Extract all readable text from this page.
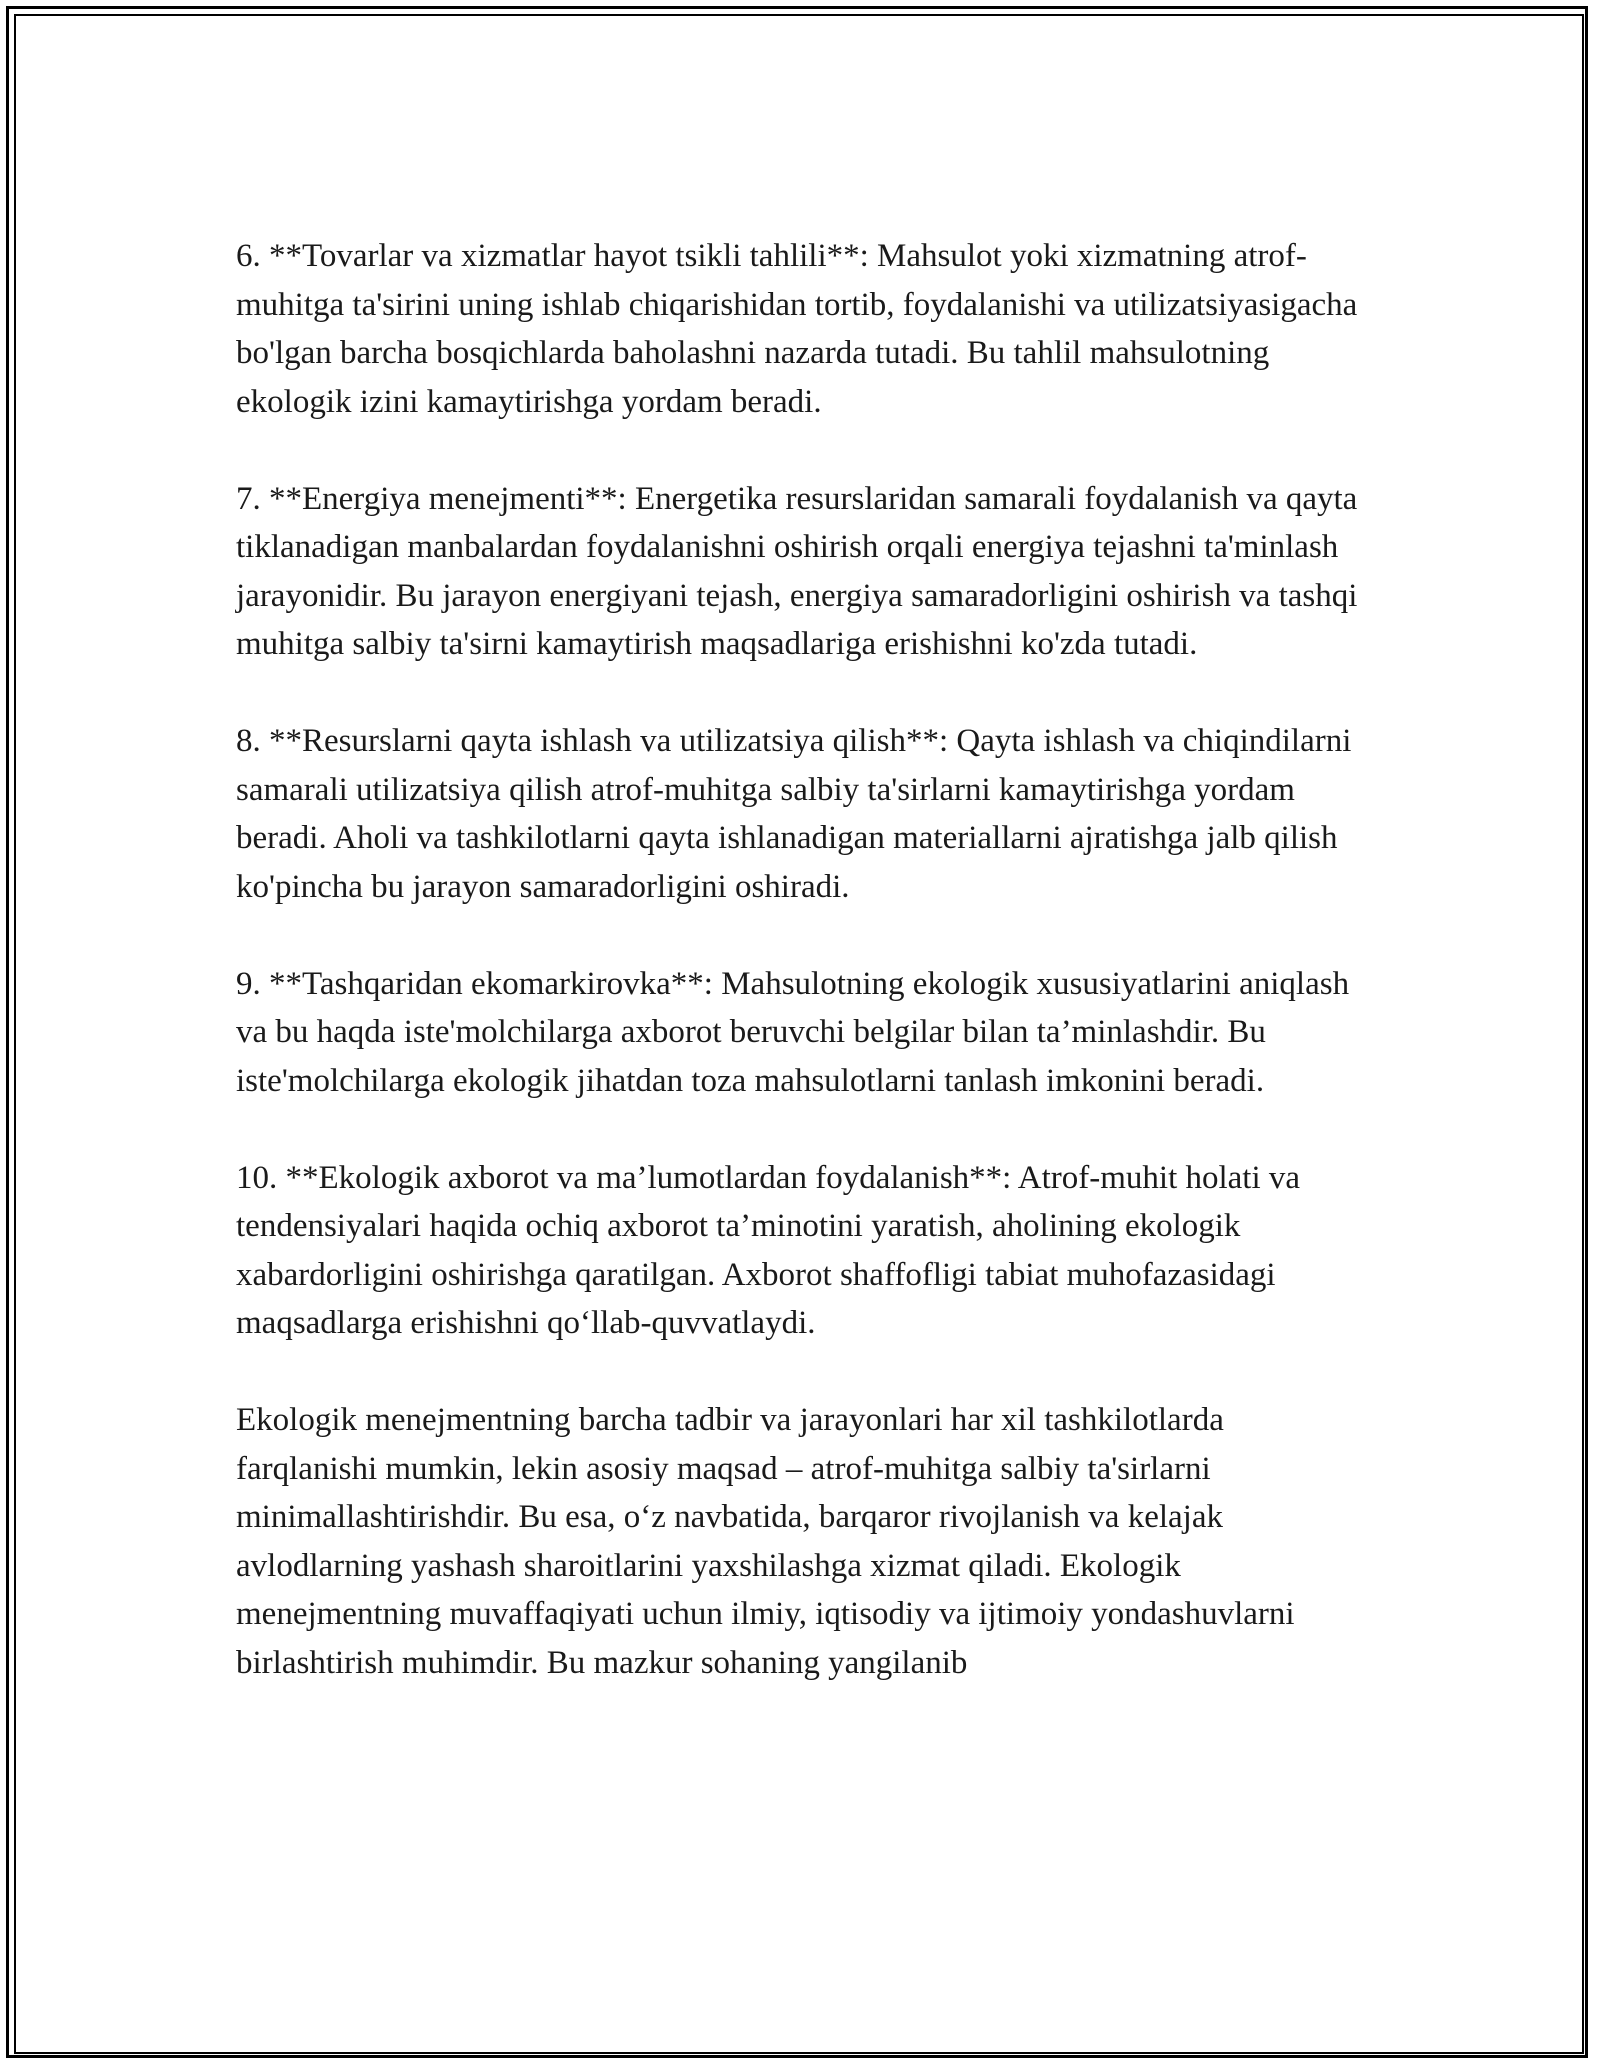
6. **Tovarlar va xizmatlar hayot tsikli tahlili**: Mahsulot yoki xizmatning atrof-muhitga ta'sirini uning ishlab chiqarishidan tortib, foydalanishi va utilizatsiyasigacha bo'lgan barcha bosqichlarda baholashni nazarda tutadi. Bu tahlil mahsulotning ekologik izini kamaytirishga yordam beradi.

7. **Energiya menejmenti**: Energetika resurslaridan samarali foydalanish va qayta tiklanadigan manbalardan foydalanishni oshirish orqali energiya tejashni ta'minlash jarayonidir. Bu jarayon energiyani tejash, energiya samaradorligini oshirish va tashqi muhitga salbiy ta'sirni kamaytirish maqsadlariga erishishni ko'zda tutadi.

8. **Resurslarni qayta ishlash va utilizatsiya qilish**: Qayta ishlash va chiqindilarni samarali utilizatsiya qilish atrof-muhitga salbiy ta'sirlarni kamaytirishga yordam beradi. Aholi va tashkilotlarni qayta ishlanadigan materiallarni ajratishga jalb qilish ko'pincha bu jarayon samaradorligini oshiradi.

9. **Tashqaridan ekomarkirovka**: Mahsulotning ekologik xususiyatlarini aniqlash va bu haqda iste'molchilarga axborot beruvchi belgilar bilan ta’minlashdir. Bu iste'molchilarga ekologik jihatdan toza mahsulotlarni tanlash imkonini beradi.

10. **Ekologik axborot va ma’lumotlardan foydalanish**: Atrof-muhit holati va tendensiyalari haqida ochiq axborot ta’minotini yaratish, aholining ekologik xabardorligini oshirishga qaratilgan. Axborot shaffofligi tabiat muhofazasidagi maqsadlarga erishishni qo‘llab-quvvatlaydi.

Ekologik menejmentning barcha tadbir va jarayonlari har xil tashkilotlarda farqlanishi mumkin, lekin asosiy maqsad – atrof-muhitga salbiy ta'sirlarni minimallashtirishdir. Bu esa, o‘z navbatida, barqaror rivojlanish va kelajak avlodlarning yashash sharoitlarini yaxshilashga xizmat qiladi. Ekologik menejmentning muvaffaqiyati uchun ilmiy, iqtisodiy va ijtimoiy yondashuvlarni birlashtirish muhimdir. Bu mazkur sohaning yangilanib
